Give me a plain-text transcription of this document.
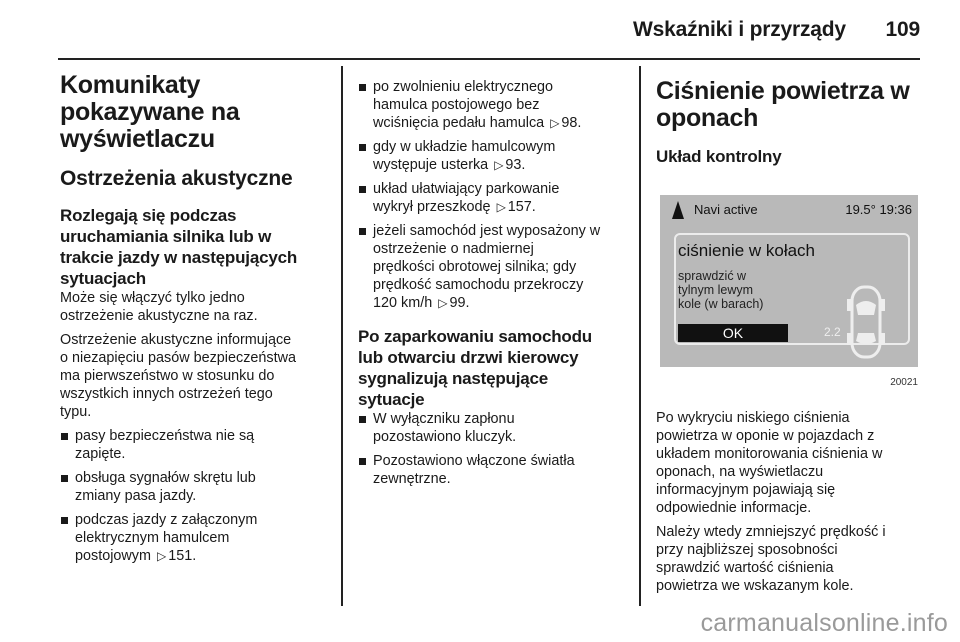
Wskaźniki i przyrządy 109
Komunikaty
pokazywane na
wyświetlaczu
Ostrzeżenia akustyczne
Rozlegają się podczas
uruchamiania silnika lub w
trakcie jazdy w następujących
sytuacjach

Może się włączyć tylko jedno
ostrzeżenie akustyczne na raz.

Ostrzeżenie akustyczne informujące
o niezapięciu pasów bezpieczeństwa
ma pierwszeństwo w stosunku do
wszystkich innych ostrzeżeń tego
typu.

pasy bezpieczeństwa nie są
zapięte.
obsługa sygnałów skrętu lub
zmiany pasa jazdy.
podczas jazdy z załączonym
elektrycznym hamulcem
postojowym ▷ 151.
po zwolnieniu elektrycznego
hamulca postojowego bez
wciśnięcia pedału hamulca ▷ 98.
gdy w układzie hamulcowym
występuje usterka ▷ 93.
układ ułatwiający parkowanie
wykrył przeszkodę ▷ 157.
jeżeli samochód jest wyposażony w
ostrzeżenie o nadmiernej
prędkości obrotowej silnika; gdy
prędkość samochodu przekroczy
120 km/h ▷ 99.
Po zaparkowaniu samochodu
lub otwarciu drzwi kierowcy
sygnalizują następujące
sytuacje
W wyłączniku zapłonu
pozostawiono kluczyk.
Pozostawiono włączone światła
zewnętrzne.
Ciśnienie powietrza w
oponach
Układ kontrolny
Navi active	19.5° 19:36
ciśnienie w kołach
sprawdzić w
tylnym lewym
kole (w barach)
2.2
OK
20021

Po wykryciu niskiego ciśnienia
powietrza w oponie w pojazdach z
układem monitorowania ciśnienia w
oponach, na wyświetlaczu
informacyjnym pojawiają się
odpowiednie informacje.

Należy wtedy zmniejszyć prędkość i
przy najbliższej sposobności
sprawdzić wartość ciśnienia
powietrza we wskazanym kole.

carmanualsonline.info
